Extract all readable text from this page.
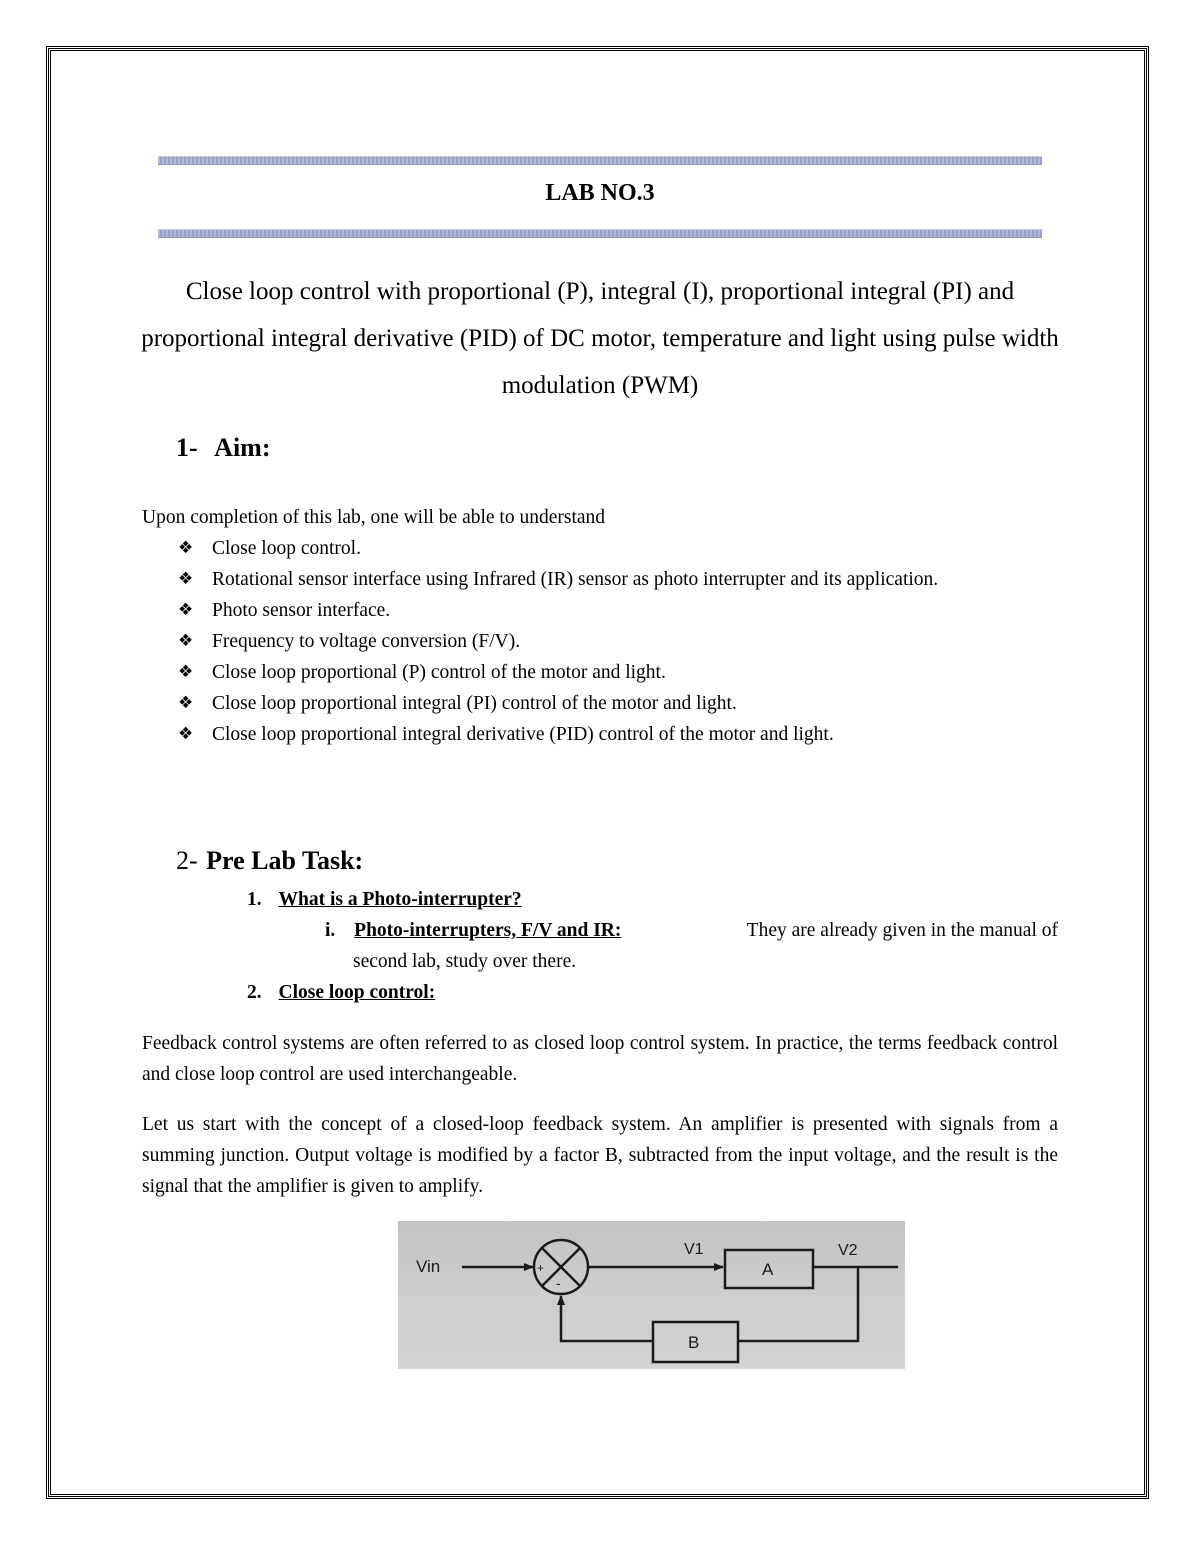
LAB NO.3
Close loop control with proportional (P), integral (I), proportional integral (PI) and proportional integral derivative (PID) of DC motor, temperature and light using pulse width modulation (PWM)
1- Aim:
Upon completion of this lab, one will be able to understand
❖ Close loop control.
❖ Rotational sensor interface using Infrared (IR) sensor as photo interrupter and its application.
❖ Photo sensor interface.
❖ Frequency to voltage conversion (F/V).
❖ Close loop proportional (P) control of the motor and light.
❖ Close loop proportional integral (PI) control of the motor and light.
❖ Close loop proportional integral derivative (PID) control of the motor and light.
2- Pre Lab Task:
1. What is a Photo-interrupter?
i. Photo-interrupters, F/V and IR:	They are already given in the manual of
second lab, study over there.
2. Close loop control:
Feedback control systems are often referred to as closed loop control system. In practice, the terms feedback control and close loop control are used interchangeable.
Let us start with the concept of a closed-loop feedback system. An amplifier is presented with signals from a summing junction. Output voltage is modified by a factor B, subtracted from the input voltage, and the result is the signal that the amplifier is given to amplify.
Vin	+
-
V1
A
V2
B
